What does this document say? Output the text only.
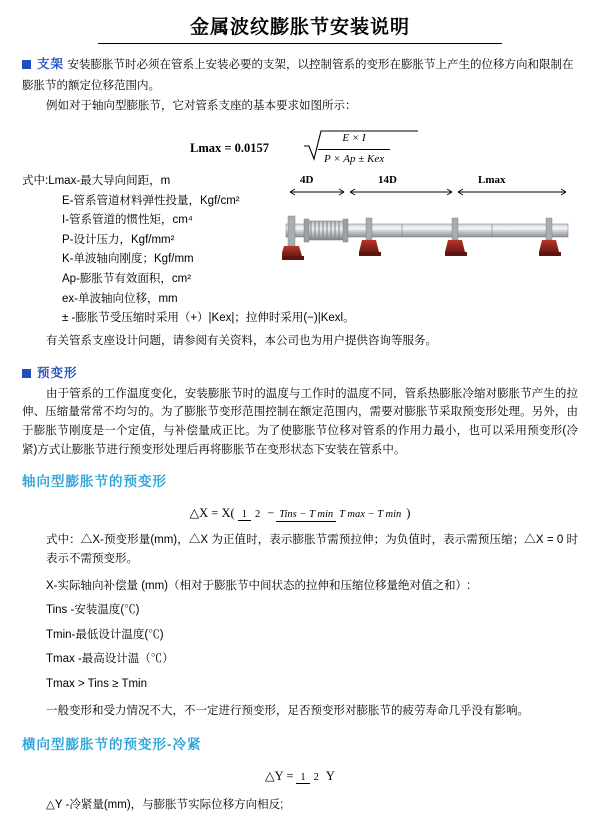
金属波纹膨胀节安装说明
支架 安装膨胀节时必须在管系上安装必要的支架，以控制管系的变形在膨胀节上产生的位移方向和限制在膨胀节的额定位移范围内。

例如对于轴向型膨胀节，它对管系支座的基本要求如图所示：

Lmax = 0.0157
E × I
P × Ap ± Kex
式中:Lmax-最大导向间距，m
E-管系管道材料弹性投量，Kgf/cm²
I-管系管道的惯性矩，cm⁴
P-设计压力，Kgf/mm²
K-单波轴向刚度；Kgf/mm
Ap-膨胀节有效面积，cm²
ex-单波轴向位移，mm
± -膨胀节受压缩时采用（+）|Kex|；拉伸时采用(−)|Kexl。
4D	14D	Lmax

有关管系支座设计问题，请参阅有关资料，本公司也为用户提供咨询等服务。

预变形

由于管系的工作温度变化，安装膨胀节时的温度与工作时的温度不同，管系热膨胀冷缩对膨胀节产生的拉伸、压缩量常常不均匀的。为了膨胀节变形范围控制在额定范围内，需要对膨胀节采取预变形处理。另外，由于膨胀节刚度是一个定值，与补偿量成正比。为了使膨胀节位移对管系的作用力最小，也可以采用预变形(冷紧)方式让膨胀节进行预变形处理后再将膨胀节在变形状态下安装在管系中。

轴向型膨胀节的预变形
△X = X( 1 2 − Tins − T min T max − T min )

式中：△X-预变形量(mm)，△X 为正值时，表示膨胀节需预拉伸；为负值时，表示需预压缩；△X = 0 时表示不需预变形。

X-实际轴向补偿量 (mm)（相对于膨胀节中间状态的拉伸和压缩位移量绝对值之和）:

Tins -安装温度(℃)

Tmin-最低设计温度(℃)

Tmax -最高设计温（℃）

Tmax > Tins ≥ Tmin

一般变形和受力情况不大，不一定进行预变形，足否预变形对膨胀节的疲劳寿命几乎没有影响。

横向型膨胀节的预变形-冷紧
△Y = 1 2 Y

△Y -冷紧量(mm)，与膨胀节实际位移方向相反;
